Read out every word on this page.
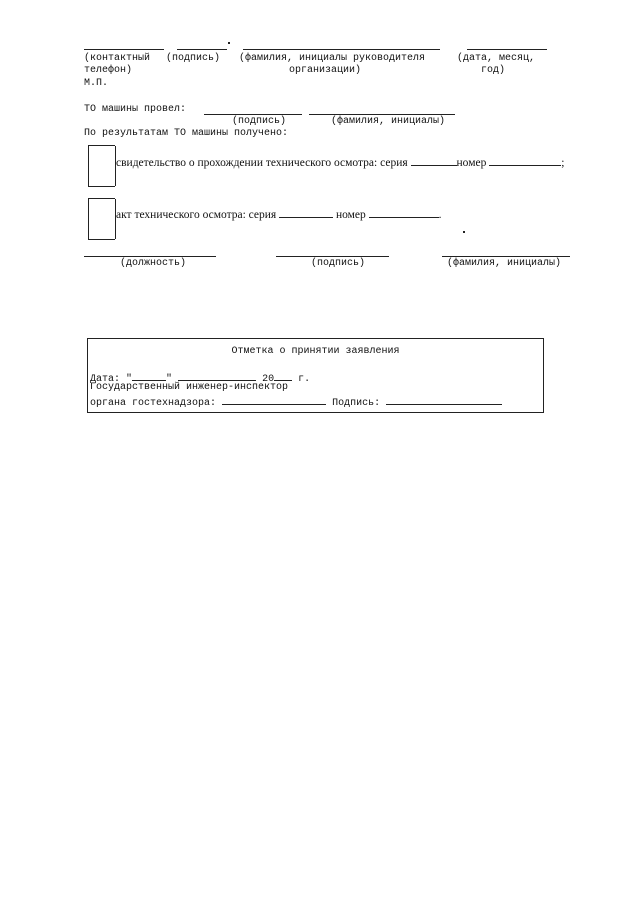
(контактный
телефон)
(подпись) (фамилия, инициалы руководителя
организации)
(дата, месяц,
год)
М.П.
ТО машины провел:
(подпись)	(фамилия, инициалы)
По результатам ТО машины получено:
свидетельство о прохождении технического осмотра: серия	номер	;
акт технического осмотра: серия	номер	.
(должность)	(подпись)	(фамилия, инициалы)
Отметка о принятии заявления
Дата: "	"	20 г.
Государственный инженер-инспектор
органа гостехнадзора:	Подпись:
